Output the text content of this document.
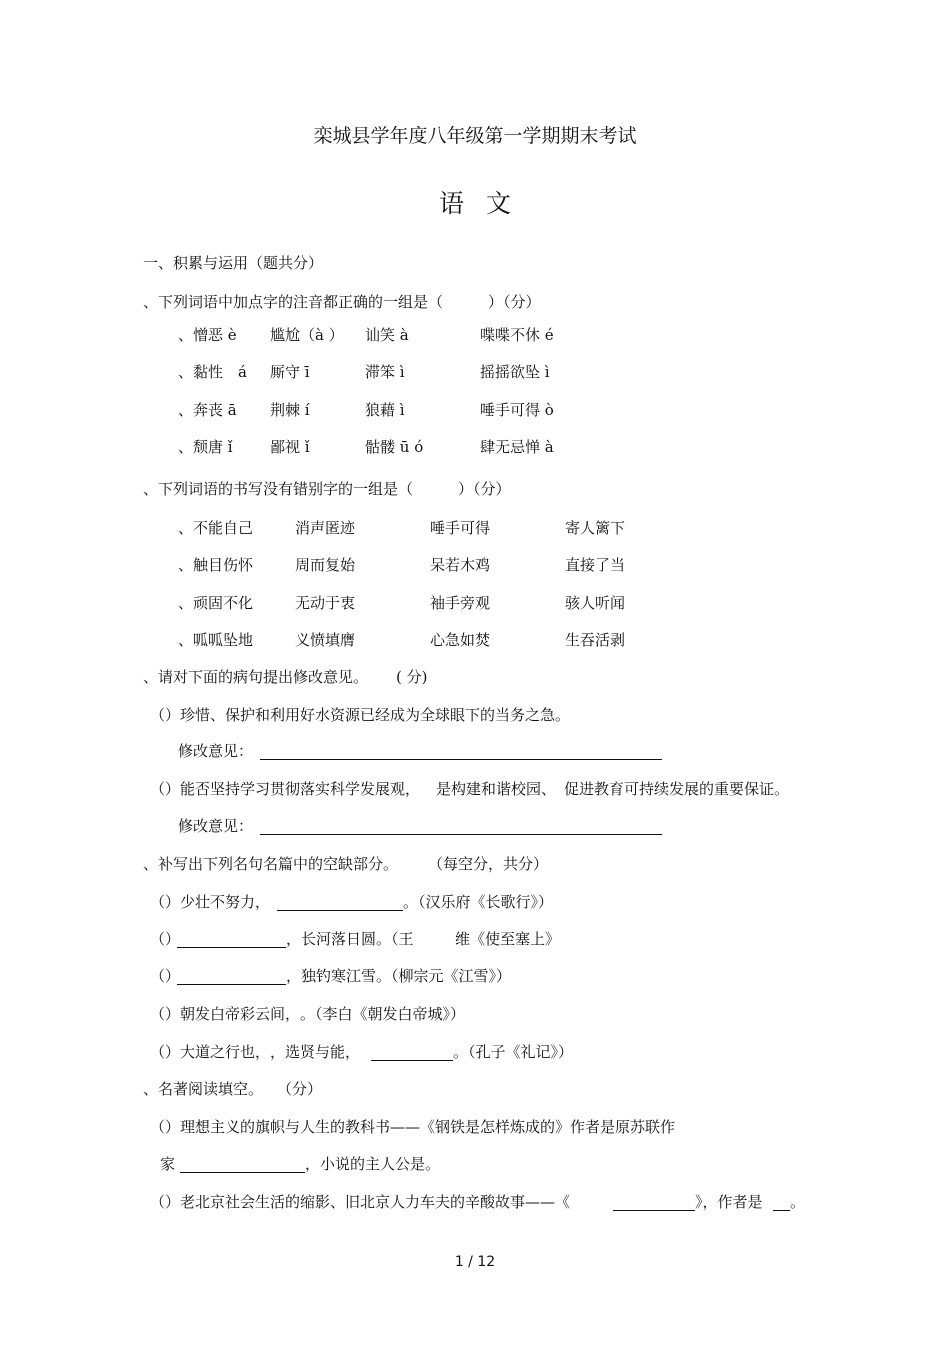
栾城县学年度八年级第一学期期末考试
语文
一、积累与运用（题共分）
、下列词语中加点字的注音都正确的一组是（　　　）（分）
、憎恶 è 尴尬（à ） 讪笑 à	喋喋不休 é
、黏性　á 厮守 ī	滞笨 ì	摇摇欲坠 ì
、奔丧 ā 荆棘 í	狼藉 ì	唾手可得 ò
、颓唐 ǐ 鄙视 ǐ	骷髅 ū ó	肆无忌惮 à
、下列词语的书写没有错别字的一组是（　　　）（分）
、不能自己	消声匿迹	唾手可得	寄人篱下
、触目伤怀	周而复始	呆若木鸡	直接了当
、顽固不化	无动于衷	袖手旁观	骇人听闻
、呱呱坠地	义愤填膺	心急如焚	生吞活剥
、请对下面的病句提出修改意见。 ( 分)
（）珍惜、保护和利用好水资源已经成为全球眼下的当务之急。
修改意见：
（）能否坚持学习贯彻落实科学发展观， 是构建和谐校园、 促进教育可持续发展的重要保证。
修改意见：
、补写出下列名句名篇中的空缺部分。 （每空分，共分）
（）少壮不努力，	。（汉乐府《长歌行》）
（）	，长河落日圆。（王	维《使至塞上》
（）	，独钓寒江雪。（柳宗元《江雪》）
（）朝发白帝彩云间， 。（李白《朝发白帝城》）
（）大道之行也， ，选贤与能，	。（孔子《礼记》）
、名著阅读填空。 （分）
（）理想主义的旗帜与人生的教科书——《钢铁是怎样炼成的》作者是原苏联作
家	，小说的主人公是。
（）老北京社会生活的缩影、旧北京人力车夫的辛酸故事——《	》，作者是 。
1 / 12
